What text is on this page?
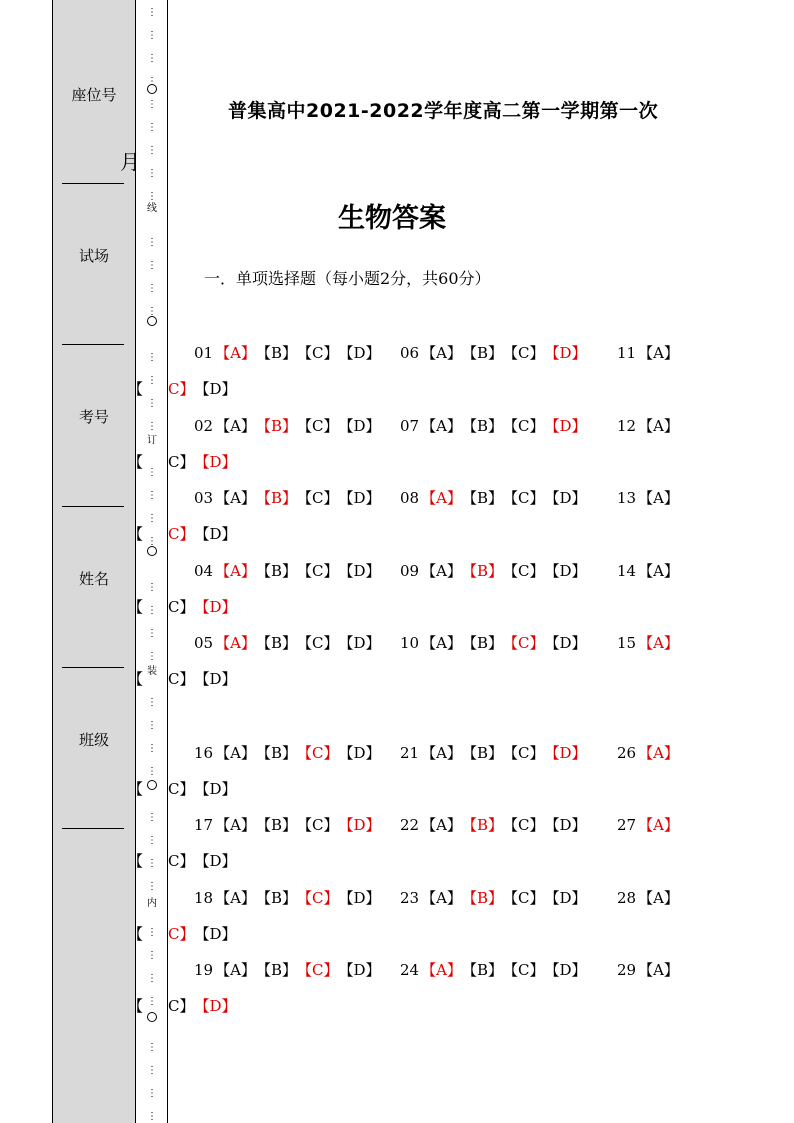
座位号
试场
考号
姓名
班级
⋮
⋮
⋮
⋮
⋮
⋮
⋮
⋮
⋮
⋮
⋮
⋮
⋮
⋮
⋮
⋮
⋮
⋮
⋮
⋮
⋮
⋮
⋮
⋮
⋮
⋮
⋮
⋮
⋮
⋮
⋮
⋮
⋮
⋮
⋮
⋮
⋮
⋮
⋮
⋮
⋮
线
订
装
内
普集高中2021-2022学年度高二第一学期第一次
月
生物答案
一．单项选择题（每小题2分，共60分）
01 【A】【B】【C】【D】 06 【A】【B】【C】【D】 11 【A】
【 C】【D】
02 【A】【B】【C】【D】 07 【A】【B】【C】【D】 12 【A】
【 C】【D】
03 【A】【B】【C】【D】 08 【A】【B】【C】【D】 13 【A】
【 C】【D】
04 【A】【B】【C】【D】 09 【A】【B】【C】【D】 14 【A】
【 C】【D】
05 【A】【B】【C】【D】 10 【A】【B】【C】【D】 15 【A】
【 C】【D】
16 【A】【B】【C】【D】 21 【A】【B】【C】【D】 26 【A】
【 C】【D】
17 【A】【B】【C】【D】 22 【A】【B】【C】【D】 27 【A】
【 C】【D】
18 【A】【B】【C】【D】 23 【A】【B】【C】【D】 28 【A】
【 C】【D】
19 【A】【B】【C】【D】 24 【A】【B】【C】【D】 29 【A】
【 C】【D】
